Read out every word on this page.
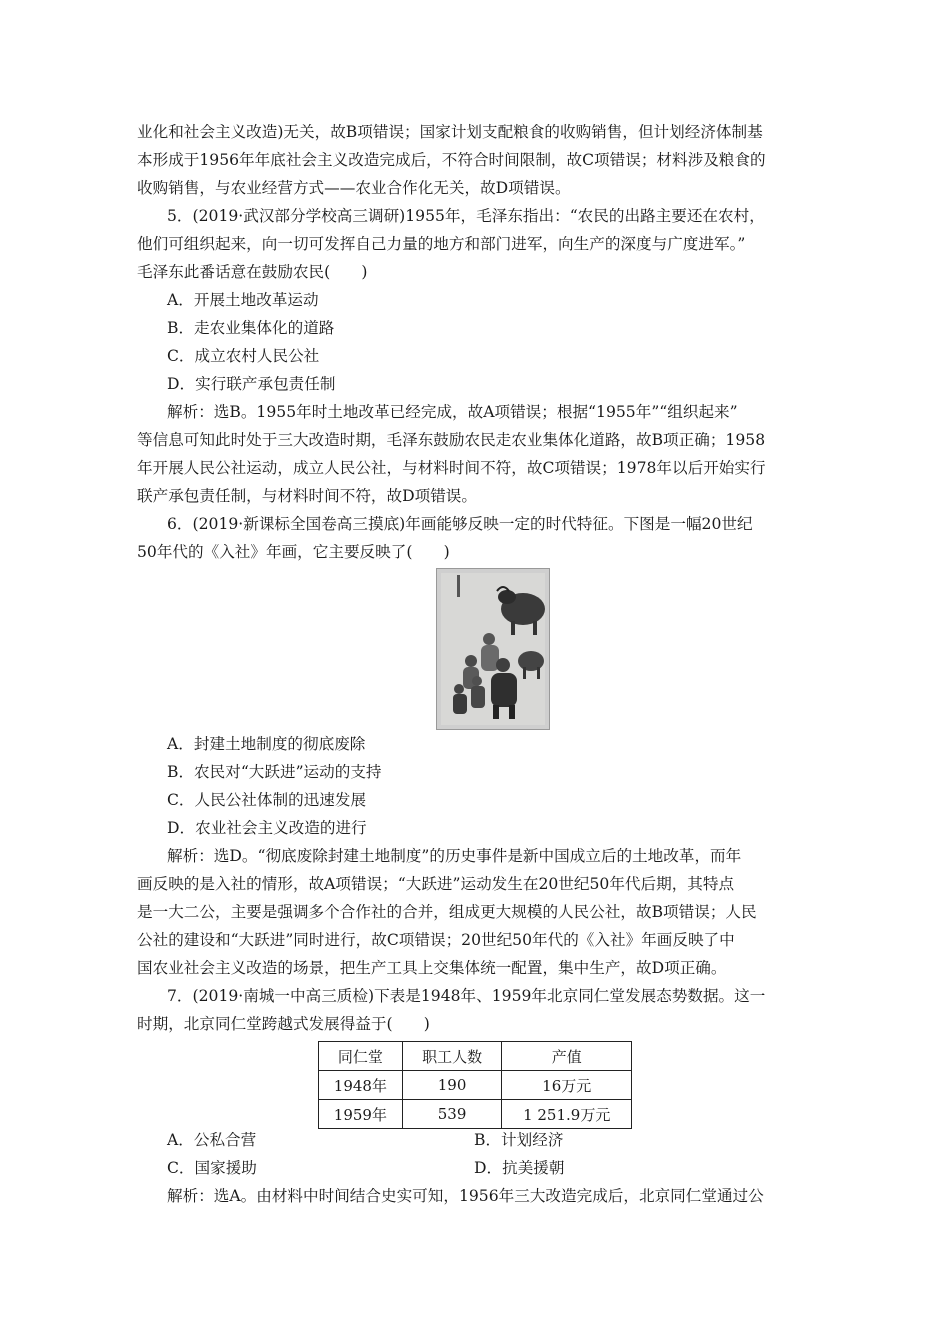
业化和社会主义改造)无关，故B项错误；国家计划支配粮食的收购销售，但计划经济体制基
本形成于1956年年底社会主义改造完成后，不符合时间限制，故C项错误；材料涉及粮食的
收购销售，与农业经营方式——农业合作化无关，故D项错误。
5．(2019·武汉部分学校高三调研)1955年，毛泽东指出：“农民的出路主要还在农村，
他们可组织起来，向一切可发挥自己力量的地方和部门进军，向生产的深度与广度进军。”
毛泽东此番话意在鼓励农民(　　)
A．开展土地改革运动
B．走农业集体化的道路
C．成立农村人民公社
D．实行联产承包责任制
解析：选B。1955年时土地改革已经完成，故A项错误；根据“1955年”“组织起来”
等信息可知此时处于三大改造时期，毛泽东鼓励农民走农业集体化道路，故B项正确；1958
年开展人民公社运动，成立人民公社，与材料时间不符，故C项错误；1978年以后开始实行
联产承包责任制，与材料时间不符，故D项错误。
6．(2019·新课标全国卷高三摸底)年画能够反映一定的时代特征。下图是一幅20世纪
50年代的《入社》年画，它主要反映了(　　)
A．封建土地制度的彻底废除
B．农民对“大跃进”运动的支持
C．人民公社体制的迅速发展
D．农业社会主义改造的进行
解析：选D。“彻底废除封建土地制度”的历史事件是新中国成立后的土地改革，而年
画反映的是入社的情形，故A项错误；“大跃进”运动发生在20世纪50年代后期，其特点
是一大二公，主要是强调多个合作社的合并，组成更大规模的人民公社，故B项错误；人民
公社的建设和“大跃进”同时进行，故C项错误；20世纪50年代的《入社》年画反映了中
国农业社会主义改造的场景，把生产工具上交集体统一配置，集中生产，故D项正确。
7．(2019·南城一中高三质检)下表是1948年、1959年北京同仁堂发展态势数据。这一
时期，北京同仁堂跨越式发展得益于(　　)
同仁堂	职工人数	产值
1948年	190	16万元
1959年	539	1 251.9万元
A．公私合营	B．计划经济
C．国家援助	D．抗美援朝
解析：选A。由材料中时间结合史实可知，1956年三大改造完成后，北京同仁堂通过公
